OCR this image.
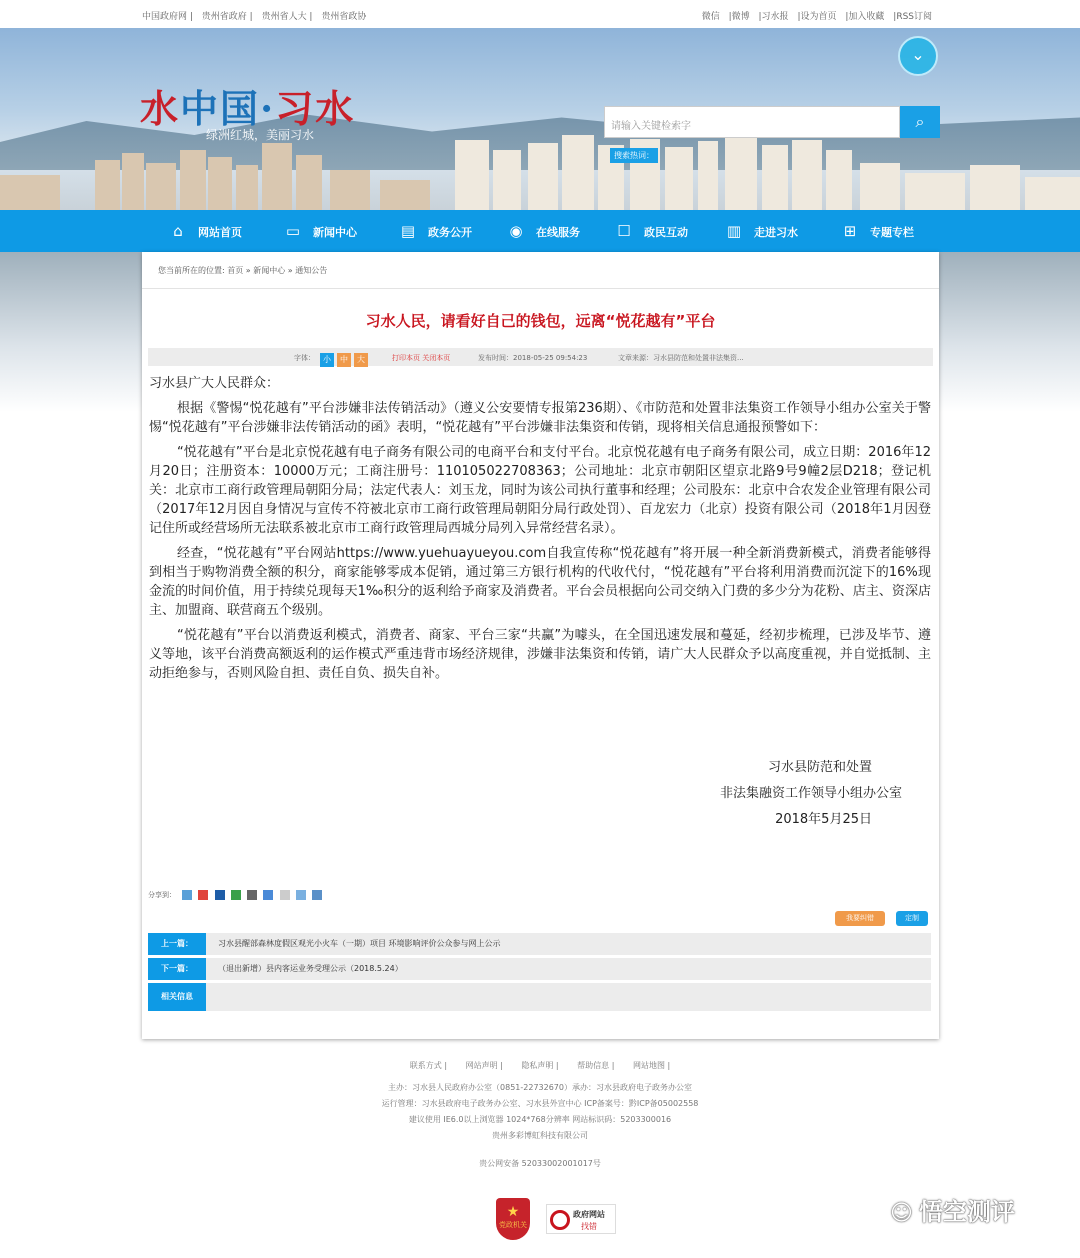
中国政府网 | 贵州省政府 | 贵州省人大 | 贵州省政协	微信 |微博 |习水报 |设为首页 |加入收藏 |RSS订阅
水中国·习水
绿洲红城，美丽习水
⌄
请输入关键检索字	⌕
搜索热词：
⌂ 网站首页	▭ 新闻中心	▤ 政务公开 ◉ 在线服务 ☐ 政民互动	▥ 走进习水	⊞ 专题专栏
您当前所在的位置: 首页 » 新闻中心 » 通知公告
习水人民，请看好自己的钱包，远离“悦花越有”平台
字体：	小	中	大	打印本页 关闭本页	发布时间：2018-05-25 09:54:23	文章来源：习水县防范和处置非法集资...

习水县广大人民群众：

根据《警惕“悦花越有”平台涉嫌非法传销活动》（遵义公安要情专报第236期）、《市防范和处置非法集资工作领导小组办公室关于警惕“悦花越有”平台涉嫌非法传销活动的函》表明，“悦花越有”平台涉嫌非法集资和传销，现将相关信息通报预警如下：

“悦花越有”平台是北京悦花越有电子商务有限公司的电商平台和支付平台。北京悦花越有电子商务有限公司，成立日期：2016年12月20日；注册资本：10000万元；工商注册号：110105022708363；公司地址：北京市朝阳区望京北路9号9幢2层D218；登记机关：北京市工商行政管理局朝阳分局；法定代表人：刘玉龙，同时为该公司执行董事和经理；公司股东：北京中合农发企业管理有限公司（2017年12月因自身情况与宣传不符被北京市工商行政管理局朝阳分局行政处罚）、百龙宏力（北京）投资有限公司（2018年1月因登记住所或经营场所无法联系被北京市工商行政管理局西城分局列入异常经营名录）。

经查，“悦花越有”平台网站https://www.yuehuayueyou.com自我宣传称“悦花越有”将开展一种全新消费新模式，消费者能够得到相当于购物消费全额的积分，商家能够零成本促销，通过第三方银行机构的代收代付，“悦花越有”平台将利用消费而沉淀下的16%现金流的时间价值，用于持续兑现每天1‰积分的返利给予商家及消费者。平台会员根据向公司交纳入门费的多少分为花粉、店主、资深店主、加盟商、联营商五个级别。

“悦花越有”平台以消费返利模式，消费者、商家、平台三家“共赢”为噱头，在全国迅速发展和蔓延，经初步梳理，已涉及毕节、遵义等地，该平台消费高额返利的运作模式严重违背市场经济规律，涉嫌非法集资和传销，请广大人民群众予以高度重视，并自觉抵制、主动拒绝参与，否则风险自担、责任自负、损失自补。

习水县防范和处置
非法集融资工作领导小组办公室
2018年5月25日
分享到：
我要纠错	定制
上一篇：	习水县醒部森林度假区观光小火车（一期）项目 环境影响评价公众参与网上公示
下一篇：	（退出新增）县内客运业务受理公示（2018.5.24）
相关信息
联系方式 | 网站声明 | 隐私声明 | 帮助信息 | 网站地图 |
主办：习水县人民政府办公室（0851-22732670）承办：习水县政府电子政务办公室
运行管理：习水县政府电子政务办公室、习水县外宣中心 ICP备案号：黔ICP备05002558
建议使用 IE6.0以上浏览器 1024*768分辨率 网站标识码：5203300016
贵州多彩博虹科技有限公司
贵公网安备 52033002001017号
★
党政机关
政府网站
找错
☺ 悟空测评
